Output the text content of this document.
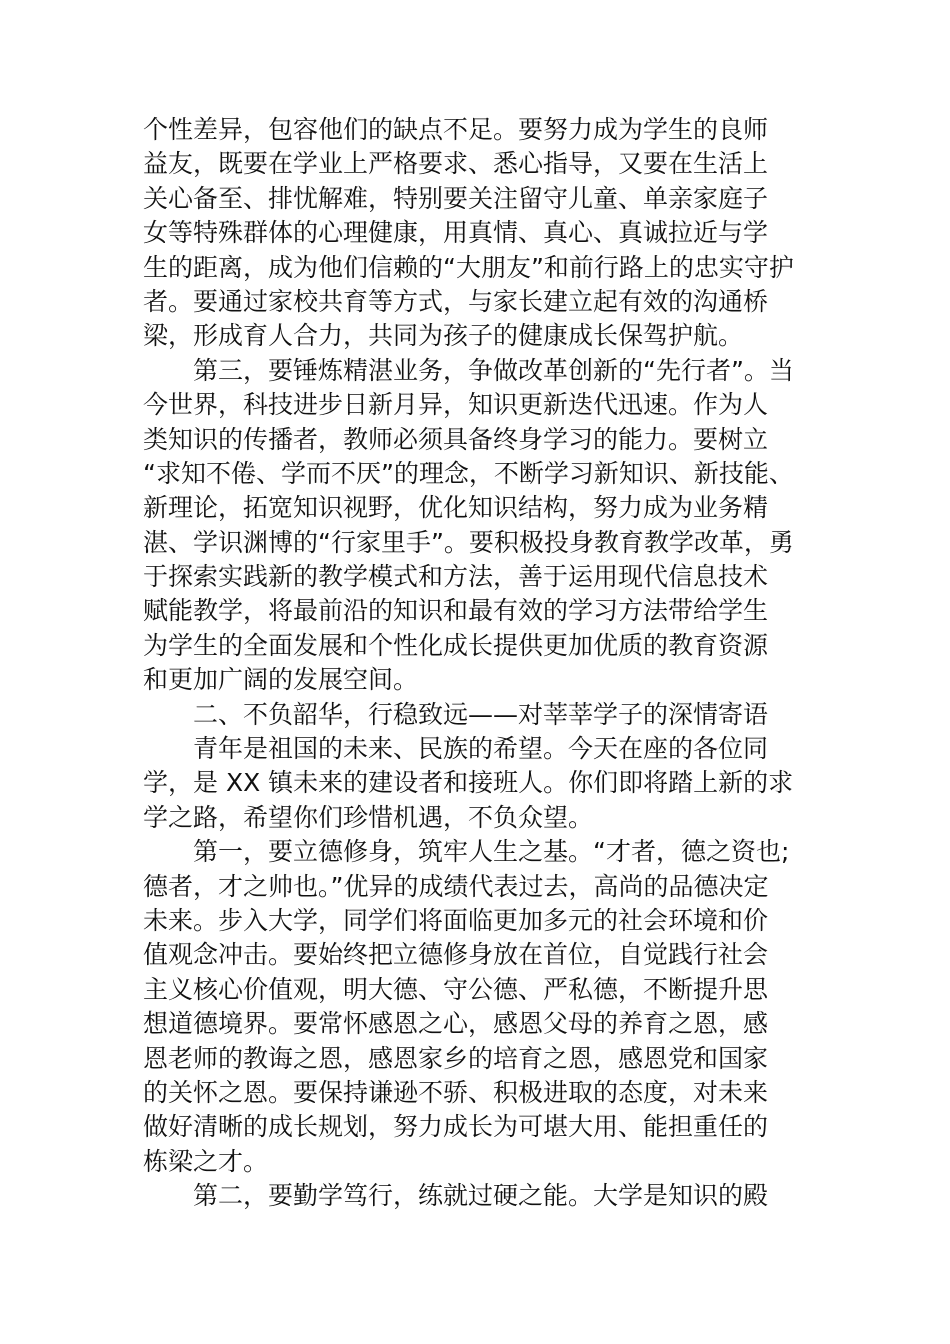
个性差异，包容他们的缺点不足。要努力成为学生的良师
益友，既要在学业上严格要求、悉心指导，又要在生活上
关心备至、排忧解难，特别要关注留守儿童、单亲家庭子
女等特殊群体的心理健康，用真情、真心、真诚拉近与学
生的距离，成为他们信赖的“大朋友”和前行路上的忠实守护
者。要通过家校共育等方式，与家长建立起有效的沟通桥
梁，形成育人合力，共同为孩子的健康成长保驾护航。
第三，要锤炼精湛业务，争做改革创新的“先行者”。当
今世界，科技进步日新月异，知识更新迭代迅速。作为人
类知识的传播者，教师必须具备终身学习的能力。要树立
“求知不倦、学而不厌”的理念，不断学习新知识、新技能、
新理论，拓宽知识视野，优化知识结构，努力成为业务精
湛、学识渊博的“行家里手”。要积极投身教育教学改革，勇
于探索实践新的教学模式和方法，善于运用现代信息技术
赋能教学，将最前沿的知识和最有效的学习方法带给学生
为学生的全面发展和个性化成长提供更加优质的教育资源
和更加广阔的发展空间。
二、不负韶华，行稳致远——对莘莘学子的深情寄语
青年是祖国的未来、民族的希望。今天在座的各位同
学，是 XX 镇未来的建设者和接班人。你们即将踏上新的求
学之路，希望你们珍惜机遇，不负众望。
第一，要立德修身，筑牢人生之基。“才者，德之资也;
德者，才之帅也。”优异的成绩代表过去，高尚的品德决定
未来。步入大学，同学们将面临更加多元的社会环境和价
值观念冲击。要始终把立德修身放在首位，自觉践行社会
主义核心价值观，明大德、守公德、严私德，不断提升思
想道德境界。要常怀感恩之心，感恩父母的养育之恩，感
恩老师的教诲之恩，感恩家乡的培育之恩，感恩党和国家
的关怀之恩。要保持谦逊不骄、积极进取的态度，对未来
做好清晰的成长规划，努力成长为可堪大用、能担重任的
栋梁之才。
第二，要勤学笃行，练就过硬之能。大学是知识的殿
